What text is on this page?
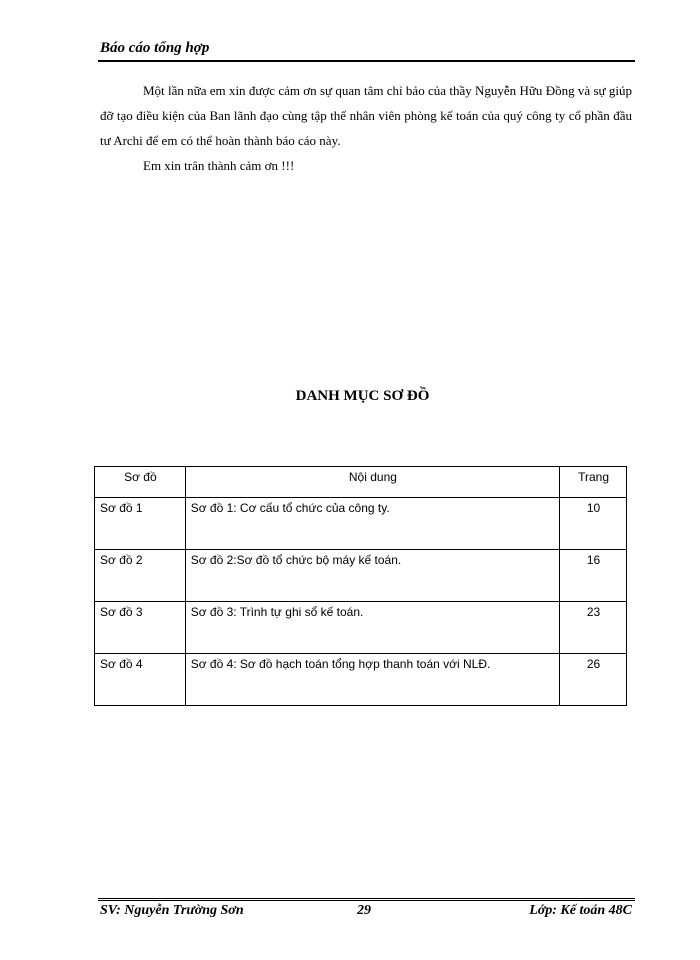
Báo cáo tổng hợp

Một lần nữa em xin được cảm ơn sự quan tâm chỉ bảo của thầy Nguyễn Hữu Đồng và sự giúp đỡ tạo điều kiện của Ban lãnh đạo cùng tập thể nhân viên phòng kế toán của quý công ty cổ phần đầu tư Archi để em có thể hoàn thành báo cáo này.

Em xin trân thành cảm ơn !!!

DANH MỤC SƠ ĐỒ
Sơ đồ	Nội dung	Trang
Sơ đồ 1	Sơ đồ 1: Cơ cấu tổ chức của công ty.	10
Sơ đồ 2	Sơ đồ 2:Sơ đồ tổ chức bộ máy kế toán.	16
Sơ đồ 3	Sơ đồ 3: Trình tự ghi sổ kế toán.	23
Sơ đồ 4	Sơ đồ 4: Sơ đồ hạch toán tổng hợp thanh toán với NLĐ.	26
SV: Nguyễn Trường Sơn	29	Lớp: Kế toán 48C
